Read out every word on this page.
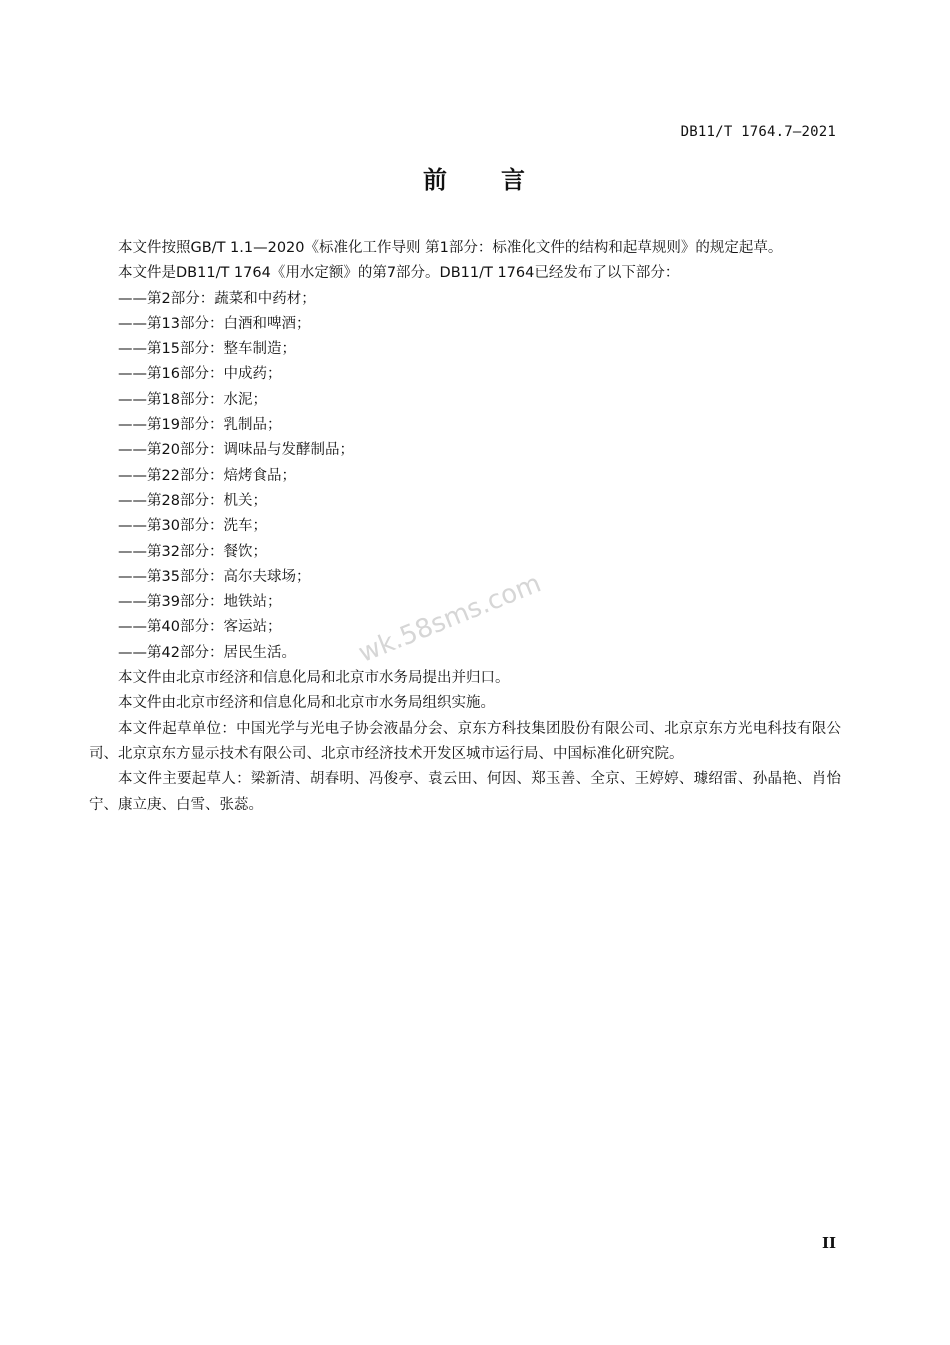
DB11/T 1764.7—2021
前 言
wk.58sms.com

本文件按照GB/T 1.1—2020《标准化工作导则 第1部分：标准化文件的结构和起草规则》的规定起草。

本文件是DB11/T 1764《用水定额》的第7部分。DB11/T 1764已经发布了以下部分：

——第2部分：蔬菜和中药材；
——第13部分：白酒和啤酒；
——第15部分：整车制造；
——第16部分：中成药；
——第18部分：水泥；
——第19部分：乳制品；
——第20部分：调味品与发酵制品；
——第22部分：焙烤食品；
——第28部分：机关；
——第30部分：洗车；
——第32部分：餐饮；
——第35部分：高尔夫球场；
——第39部分：地铁站；
——第40部分：客运站；
——第42部分：居民生活。

本文件由北京市经济和信息化局和北京市水务局提出并归口。

本文件由北京市经济和信息化局和北京市水务局组织实施。

本文件起草单位：中国光学与光电子协会液晶分会、京东方科技集团股份有限公司、北京京东方光电科技有限公司、北京京东方显示技术有限公司、北京市经济技术开发区城市运行局、中国标准化研究院。

本文件主要起草人：梁新清、胡春明、冯俊亭、袁云田、何因、郑玉善、全京、王婷婷、璩绍雷、孙晶艳、肖怡宁、康立庚、白雪、张蕊。

II
